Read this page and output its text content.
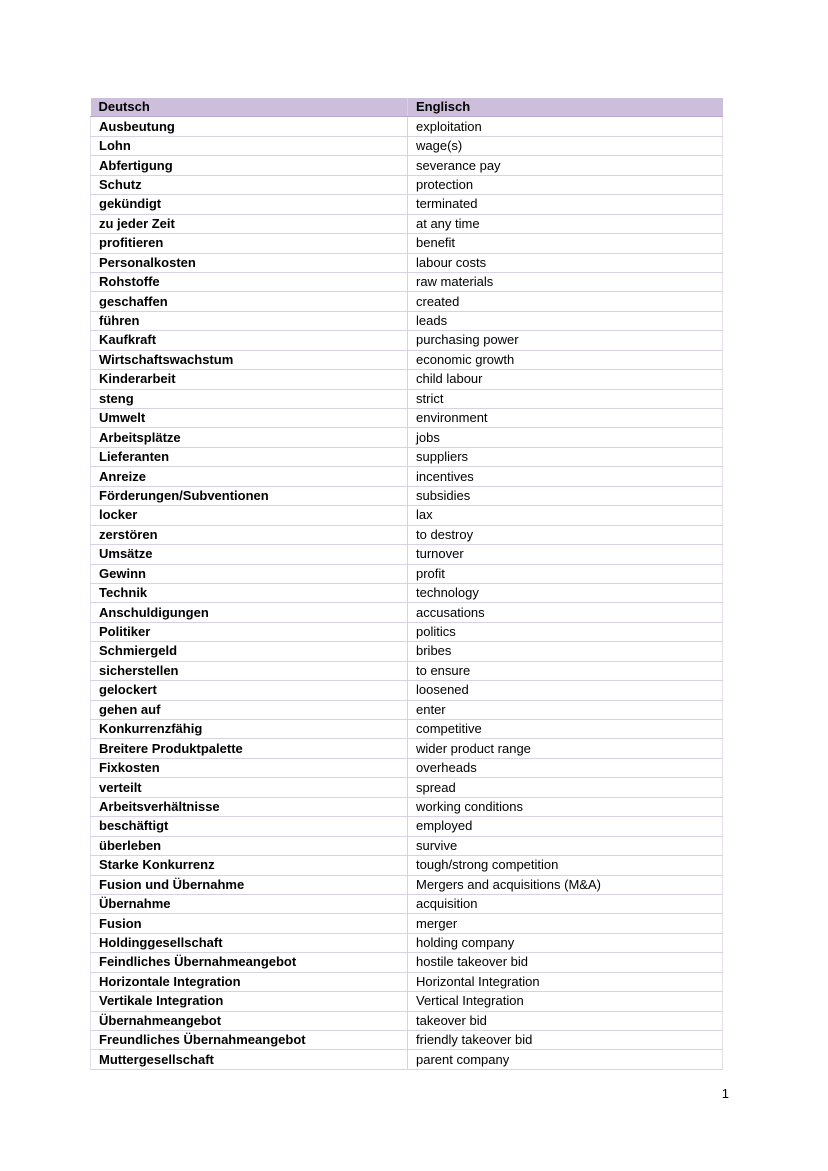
Deutsch	Englisch
Ausbeutung	exploitation
Lohn	wage(s)
Abfertigung	severance pay
Schutz	protection
gekündigt	terminated
zu jeder Zeit	at any time
profitieren	benefit
Personalkosten	labour costs
Rohstoffe	raw materials
geschaffen	created
führen	leads
Kaufkraft	purchasing power
Wirtschaftswachstum	economic growth
Kinderarbeit	child labour
steng	strict
Umwelt	environment
Arbeitsplätze	jobs
Lieferanten	suppliers
Anreize	incentives
Förderungen/Subventionen	subsidies
locker	lax
zerstören	to destroy
Umsätze	turnover
Gewinn	profit
Technik	technology
Anschuldigungen	accusations
Politiker	politics
Schmiergeld	bribes
sicherstellen	to ensure
gelockert	loosened
gehen auf	enter
Konkurrenzfähig	competitive
Breitere Produktpalette	wider product range
Fixkosten	overheads
verteilt	spread
Arbeitsverhältnisse	working conditions
beschäftigt	employed
überleben	survive
Starke Konkurrenz	tough/strong competition
Fusion und Übernahme	Mergers and acquisitions (M&A)
Übernahme	acquisition
Fusion	merger
Holdinggesellschaft	holding company
Feindliches Übernahmeangebot	hostile takeover bid
Horizontale Integration	Horizontal Integration
Vertikale Integration	Vertical Integration
Übernahmeangebot	takeover bid
Freundliches Übernahmeangebot	friendly takeover bid
Muttergesellschaft	parent company
1
